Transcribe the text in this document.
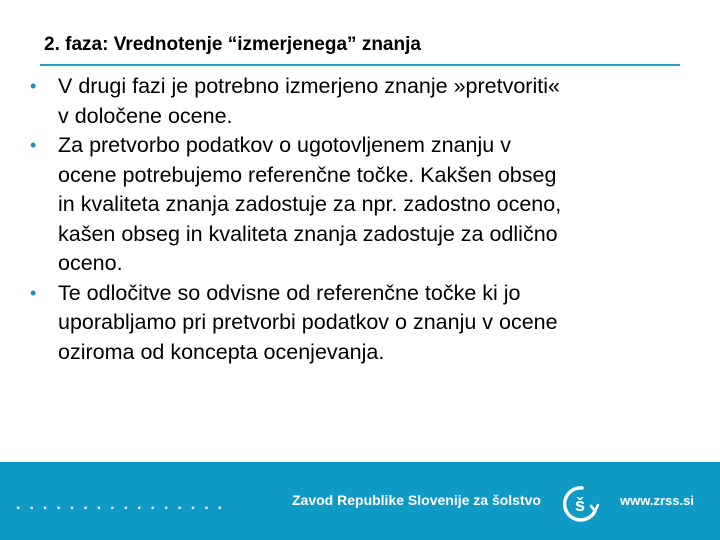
2. faza: Vrednotenje “izmerjenega” znanja
• V drugi fazi je potrebno izmerjeno znanje »pretvoriti«
v določene ocene.
• Za pretvorbo podatkov o ugotovljenem znanju v
ocene potrebujemo referenčne točke. Kakšen obseg
in kvaliteta znanja zadostuje za npr. zadostno oceno,
kašen obseg in kvaliteta znanja zadostuje za odlično
oceno.
• Te odločitve so odvisne od referenčne točke ki jo
uporabljamo pri pretvorbi podatkov o znanju v ocene
oziroma od koncepta ocenjevanja.
................	Zavod Republike Slovenije za šolstvo š	www.zrss.si
